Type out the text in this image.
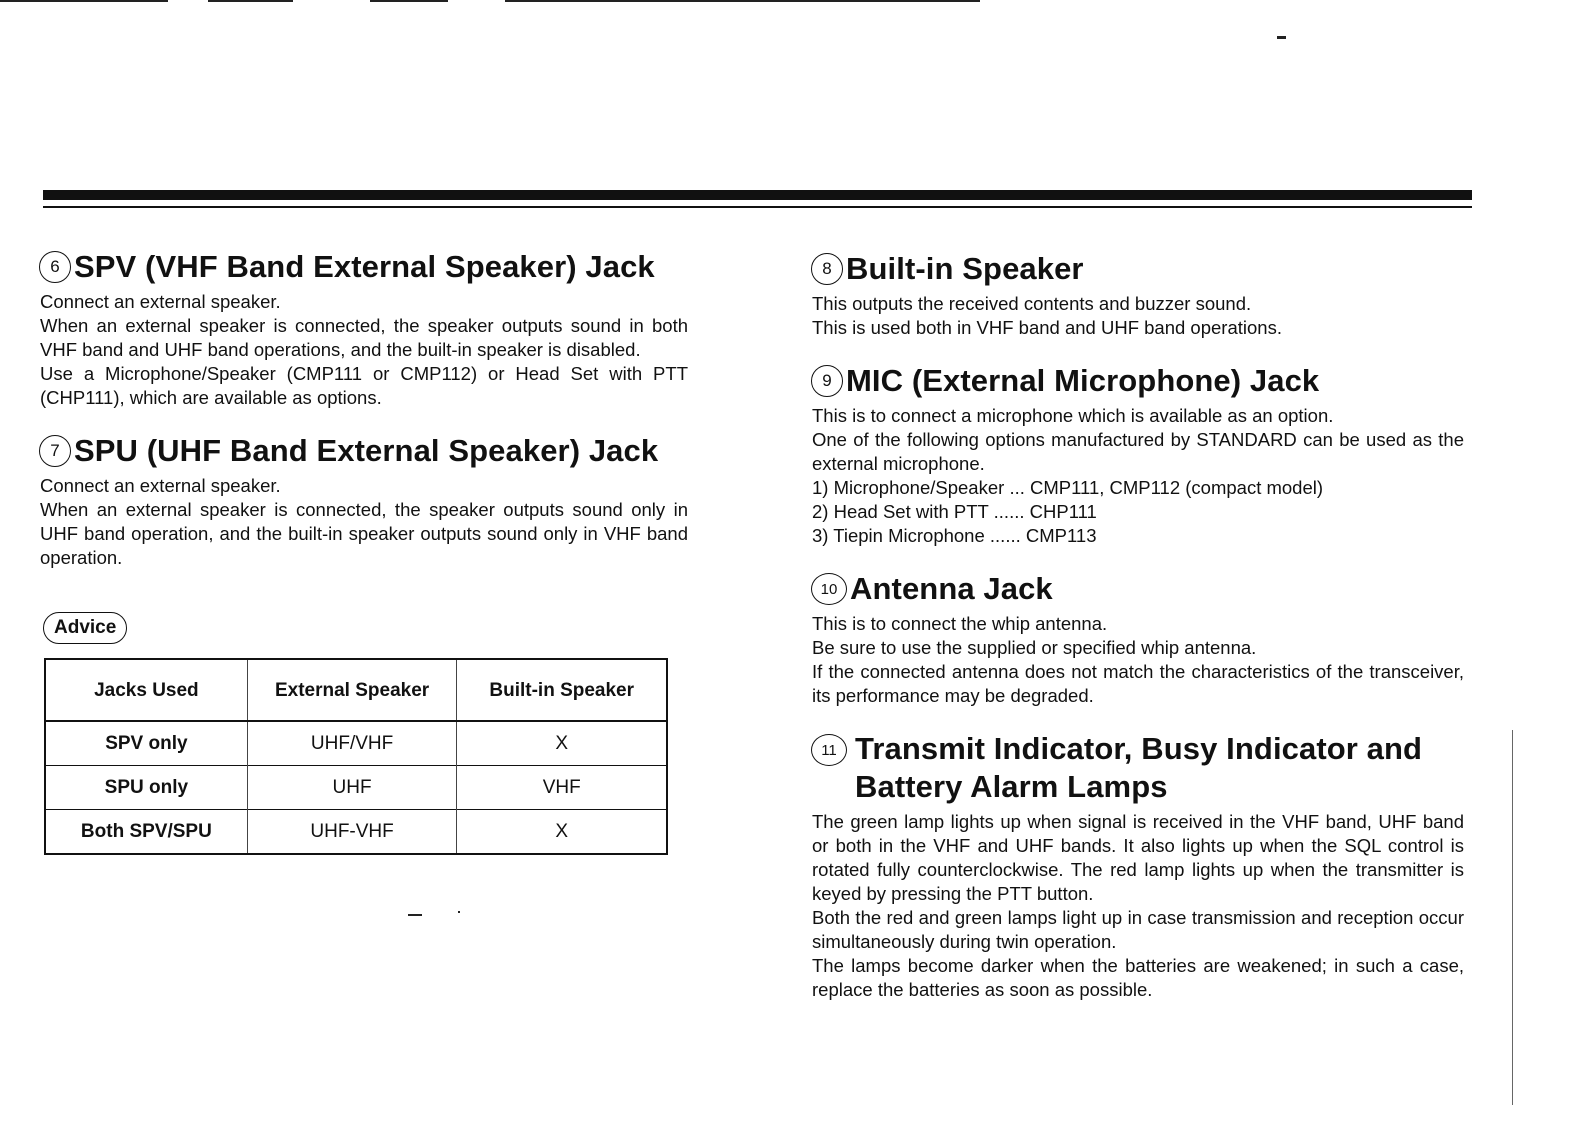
6 SPV (VHF Band External Speaker) Jack

Connect an external speaker.

When an external speaker is connected, the speaker outputs sound in both VHF band and UHF band operations, and the built-in speaker is disabled.

Use a Microphone/Speaker (CMP111 or CMP112) or Head Set with PTT (CHP111), which are available as options.

7 SPU (UHF Band External Speaker) Jack

Connect an external speaker.

When an external speaker is connected, the speaker outputs sound only in UHF band operation, and the built-in speaker outputs sound only in VHF band operation.

Advice
Jacks Used	External Speaker	Built-in Speaker
SPV only	UHF/VHF	X
SPU only	UHF	VHF
Both SPV/SPU	UHF-VHF	X
8 Built-in Speaker

This outputs the received contents and buzzer sound.

This is used both in VHF band and UHF band operations.

9 MIC (External Microphone) Jack

This is to connect a microphone which is available as an option.

One of the following options manufactured by STANDARD can be used as the external microphone.

1) Microphone/Speaker ... CMP111, CMP112 (compact model)

2) Head Set with PTT ...... CHP111

3) Tiepin Microphone ...... CMP113

10 Antenna Jack

This is to connect the whip antenna.

Be sure to use the supplied or specified whip antenna.

If the connected antenna does not match the characteristics of the transceiver, its performance may be degraded.

11 Transmit Indicator, Busy Indicator and
Battery Alarm Lamps

The green lamp lights up when signal is received in the VHF band, UHF band or both in the VHF and UHF bands. It also lights up when the SQL control is rotated fully counterclockwise. The red lamp lights up when the transmitter is keyed by pressing the PTT button.

Both the red and green lamps light up in case transmission and reception occur simultaneously during twin operation.

The lamps become darker when the batteries are weakened; in such a case, replace the batteries as soon as possible.
